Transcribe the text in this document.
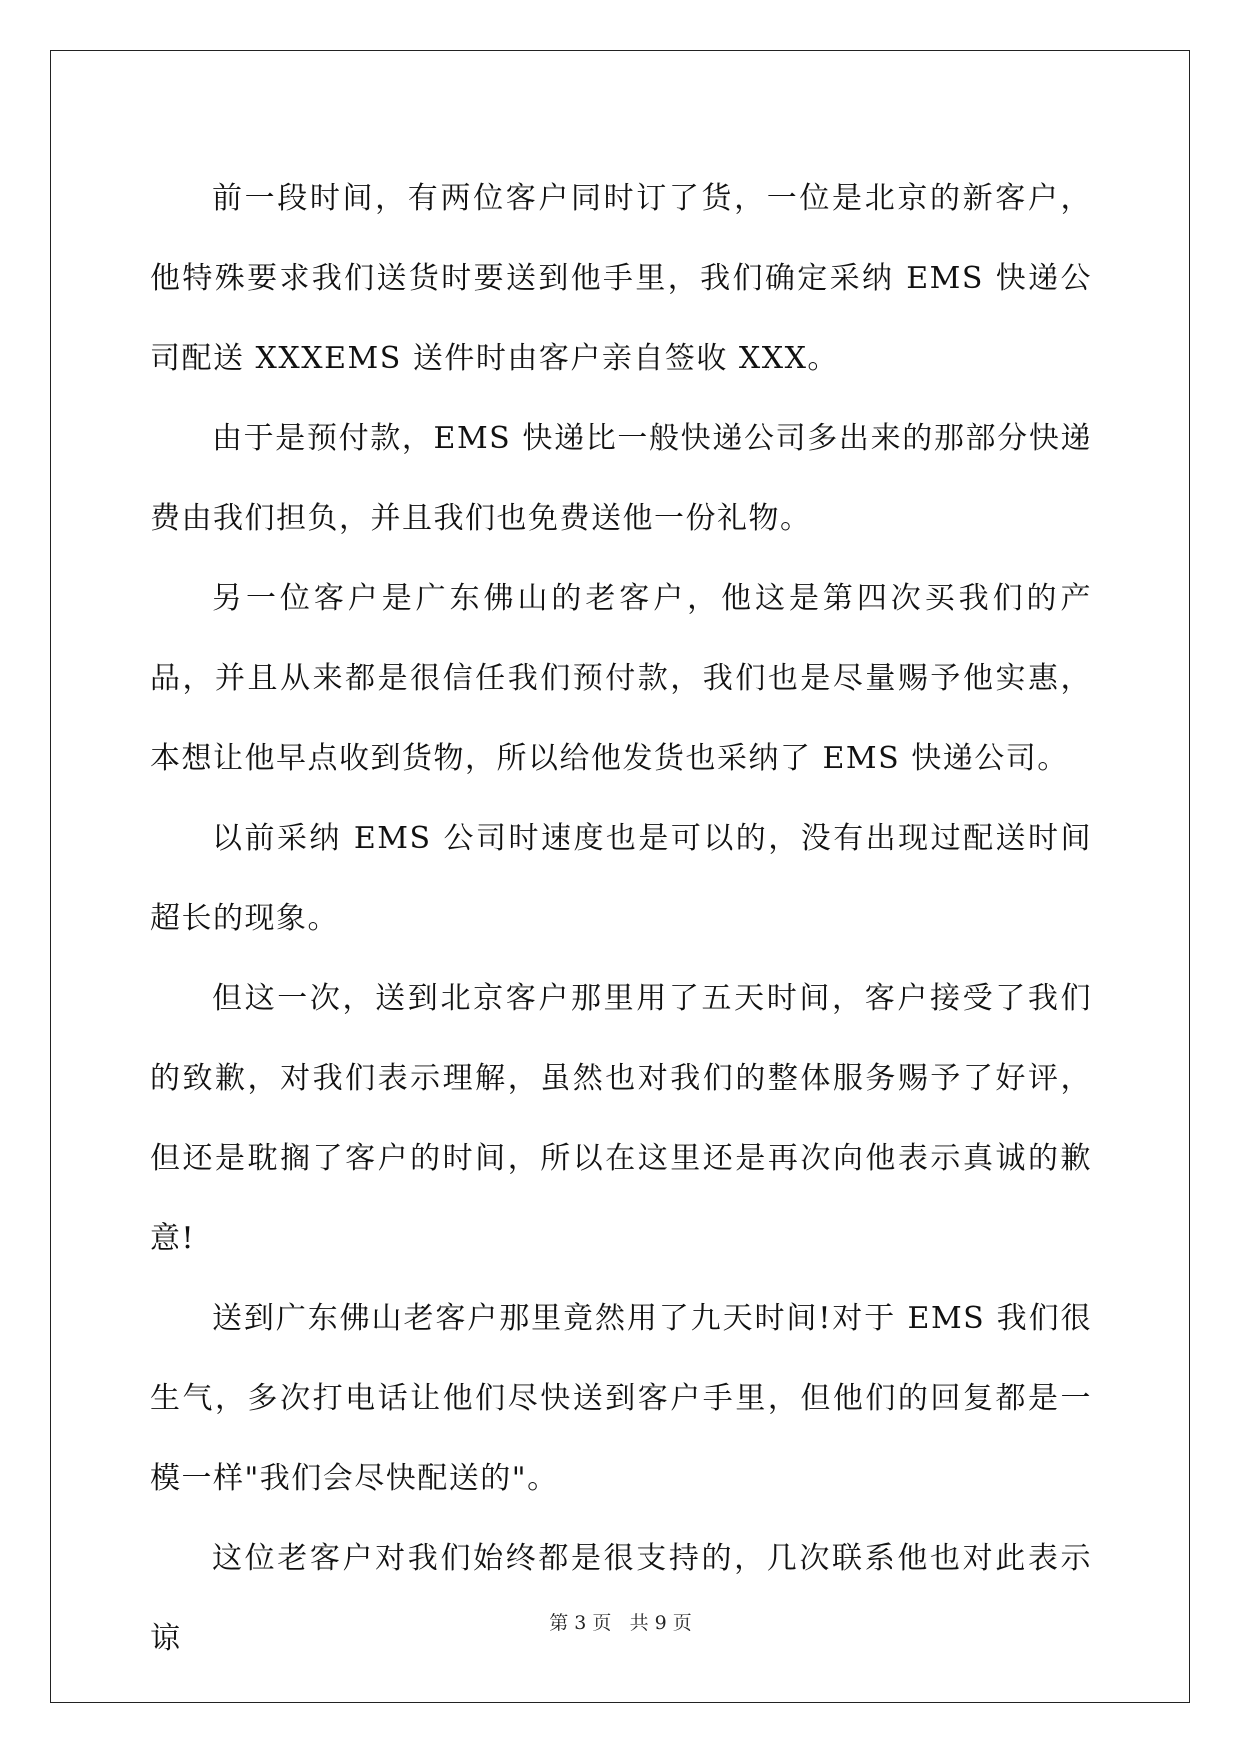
前一段时间，有两位客户同时订了货，一位是北京的新客户，他特殊要求我们送货时要送到他手里，我们确定采纳 EMS 快递公司配送 XXXEMS 送件时由客户亲自签收 XXX。

由于是预付款，EMS 快递比一般快递公司多出来的那部分快递费由我们担负，并且我们也免费送他一份礼物。

另一位客户是广东佛山的老客户，他这是第四次买我们的产品，并且从来都是很信任我们预付款，我们也是尽量赐予他实惠，本想让他早点收到货物，所以给他发货也采纳了 EMS 快递公司。

以前采纳 EMS 公司时速度也是可以的，没有出现过配送时间超长的现象。

但这一次，送到北京客户那里用了五天时间，客户接受了我们的致歉，对我们表示理解，虽然也对我们的整体服务赐予了好评，但还是耽搁了客户的时间，所以在这里还是再次向他表示真诚的歉意!

送到广东佛山老客户那里竟然用了九天时间!对于 EMS 我们很生气，多次打电话让他们尽快送到客户手里，但他们的回复都是一模一样"我们会尽快配送的"。

这位老客户对我们始终都是很支持的，几次联系他也对此表示谅	第 3 页 共 9 页
